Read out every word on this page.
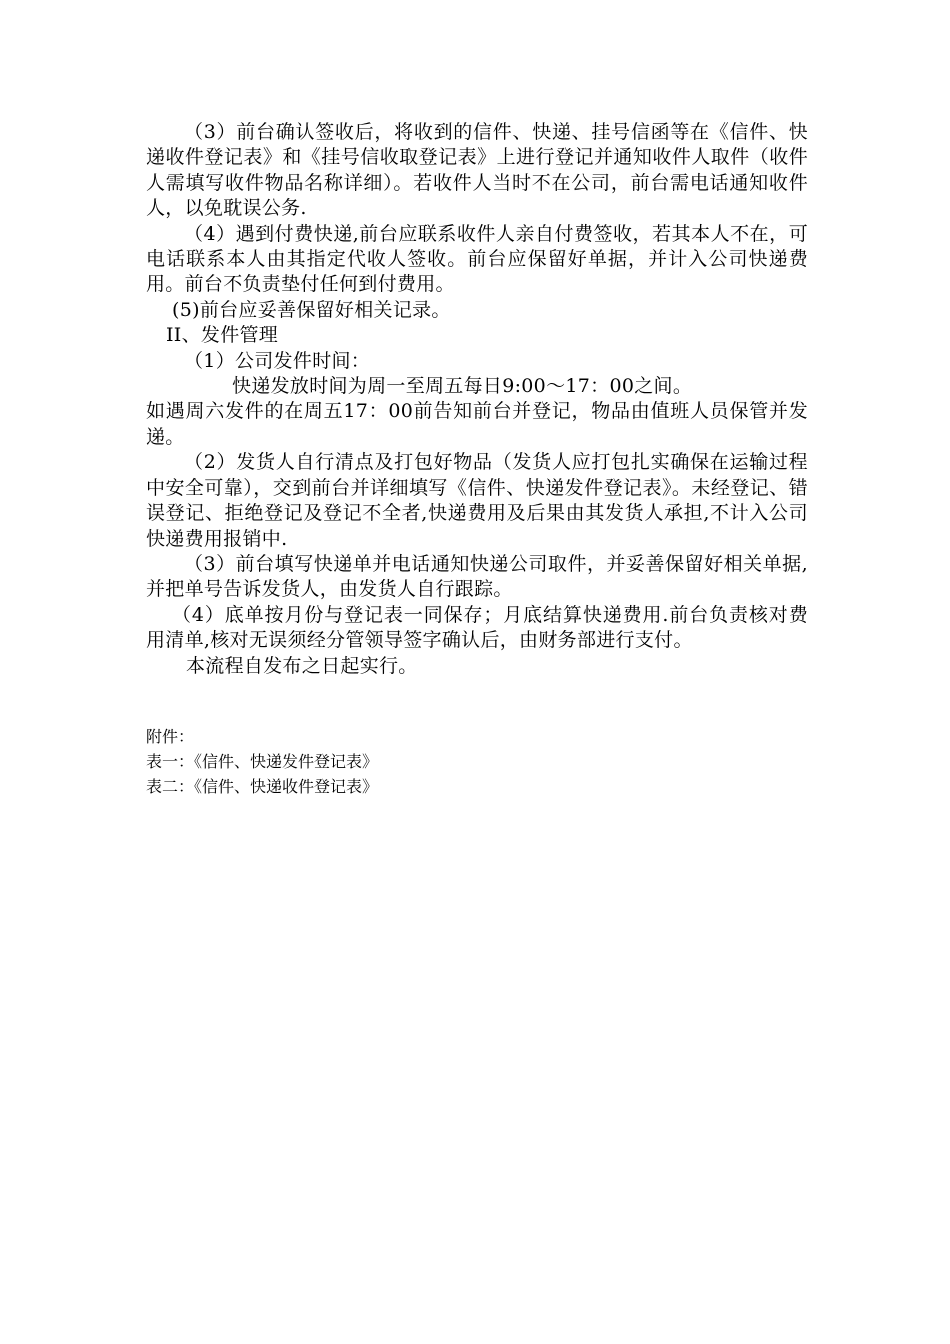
（3）前台确认签收后，将收到的信件、快递、挂号信函等在《信件、快递收件登记表》和《挂号信收取登记表》上进行登记并通知收件人取件（收件人需填写收件物品名称详细）。若收件人当时不在公司，前台需电话通知收件人，以免耽误公务.

（4）遇到付费快递,前台应联系收件人亲自付费签收，若其本人不在，可电话联系本人由其指定代收人签收。前台应保留好单据，并计入公司快递费用。前台不负责垫付任何到付费用。

(5)前台应妥善保留好相关记录。

II、发件管理

（1）公司发件时间：

快递发放时间为周一至周五每日9:00～17：00之间。

如遇周六发件的在周五17：00前告知前台并登记，物品由值班人员保管并发递。

（2）发货人自行清点及打包好物品（发货人应打包扎实确保在运输过程中安全可靠），交到前台并详细填写《信件、快递发件登记表》。未经登记、错误登记、拒绝登记及登记不全者,快递费用及后果由其发货人承担,不计入公司快递费用报销中.

（3）前台填写快递单并电话通知快递公司取件，并妥善保留好相关单据,并把单号告诉发货人，由发货人自行跟踪。

（4）底单按月份与登记表一同保存；月底结算快递费用.前台负责核对费用清单,核对无误须经分管领导签字确认后，由财务部进行支付。

本流程自发布之日起实行。

附件：
表一：《信件、快递发件登记表》
表二：《信件、快递收件登记表》
